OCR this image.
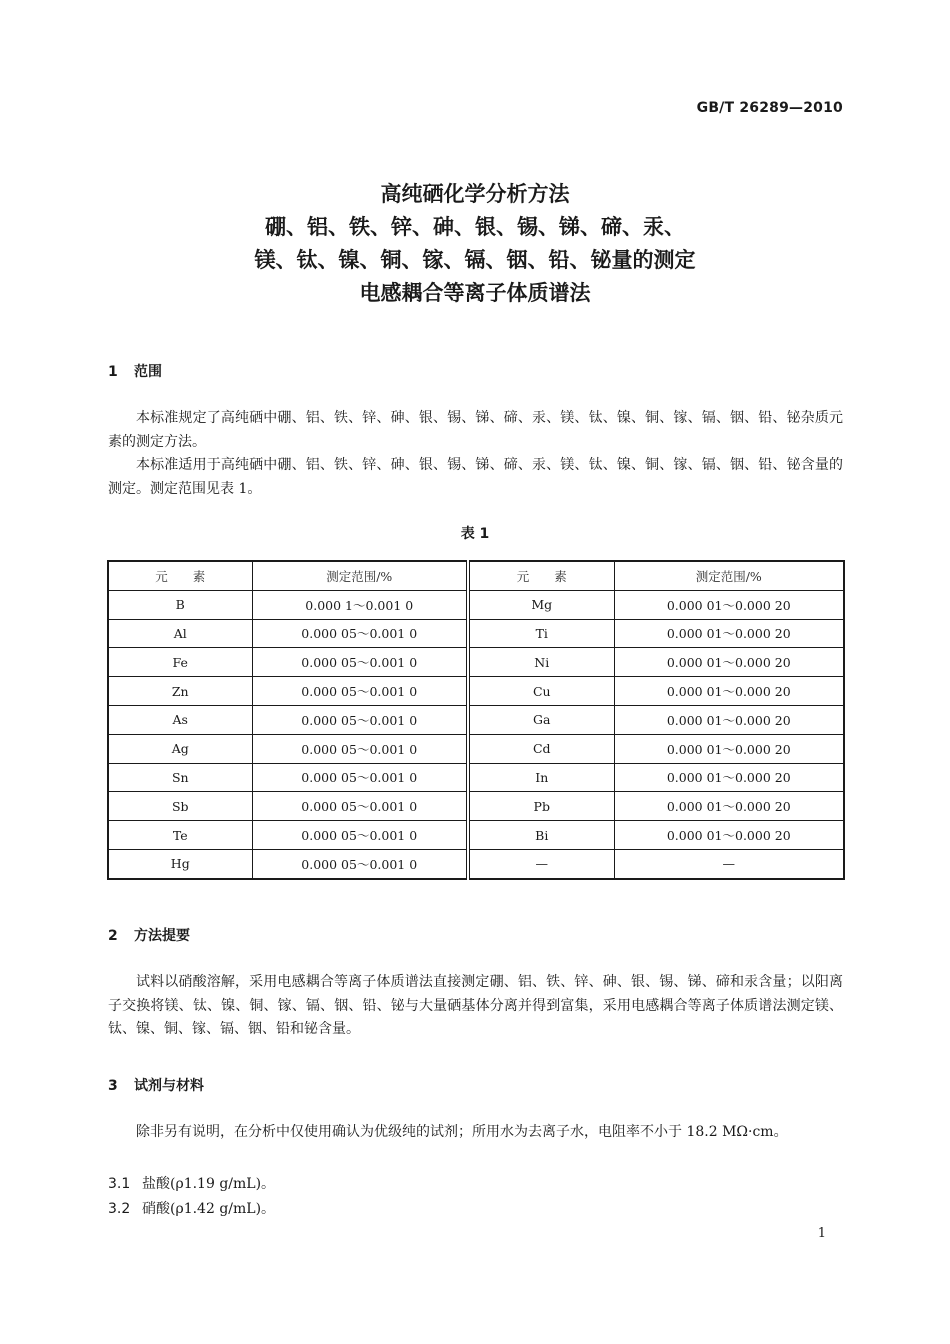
GB/T 26289—2010
高纯硒化学分析方法
硼、铝、铁、锌、砷、银、锡、锑、碲、汞、
镁、钛、镍、铜、镓、镉、铟、铅、铋量的测定
电感耦合等离子体质谱法
1 范围

本标准规定了高纯硒中硼、铝、铁、锌、砷、银、锡、锑、碲、汞、镁、钛、镍、铜、镓、镉、铟、铅、铋杂质元素的测定方法。

本标准适用于高纯硒中硼、铝、铁、锌、砷、银、锡、锑、碲、汞、镁、钛、镍、铜、镓、镉、铟、铅、铋含量的测定。测定范围见表 1。

表 1
元　　素	测定范围/%	元　　素	测定范围/%
B	0.000 1～0.001 0	Mg	0.000 01～0.000 20
Al	0.000 05～0.001 0	Ti	0.000 01～0.000 20
Fe	0.000 05～0.001 0	Ni	0.000 01～0.000 20
Zn	0.000 05～0.001 0	Cu	0.000 01～0.000 20
As	0.000 05～0.001 0	Ga	0.000 01～0.000 20
Ag	0.000 05～0.001 0	Cd	0.000 01～0.000 20
Sn	0.000 05～0.001 0	In	0.000 01～0.000 20
Sb	0.000 05～0.001 0	Pb	0.000 01～0.000 20
Te	0.000 05～0.001 0	Bi	0.000 01～0.000 20
Hg	0.000 05～0.001 0	—	—
2 方法提要

试料以硝酸溶解，采用电感耦合等离子体质谱法直接测定硼、铝、铁、锌、砷、银、锡、锑、碲和汞含量；以阳离子交换将镁、钛、镍、铜、镓、镉、铟、铅、铋与大量硒基体分离并得到富集，采用电感耦合等离子体质谱法测定镁、钛、镍、铜、镓、镉、铟、铅和铋含量。

3 试剂与材料

除非另有说明，在分析中仅使用确认为优级纯的试剂；所用水为去离子水，电阻率不小于 18.2 MΩ·cm。

3.1 盐酸(ρ1.19 g/mL)。
3.2 硝酸(ρ1.42 g/mL)。
1
